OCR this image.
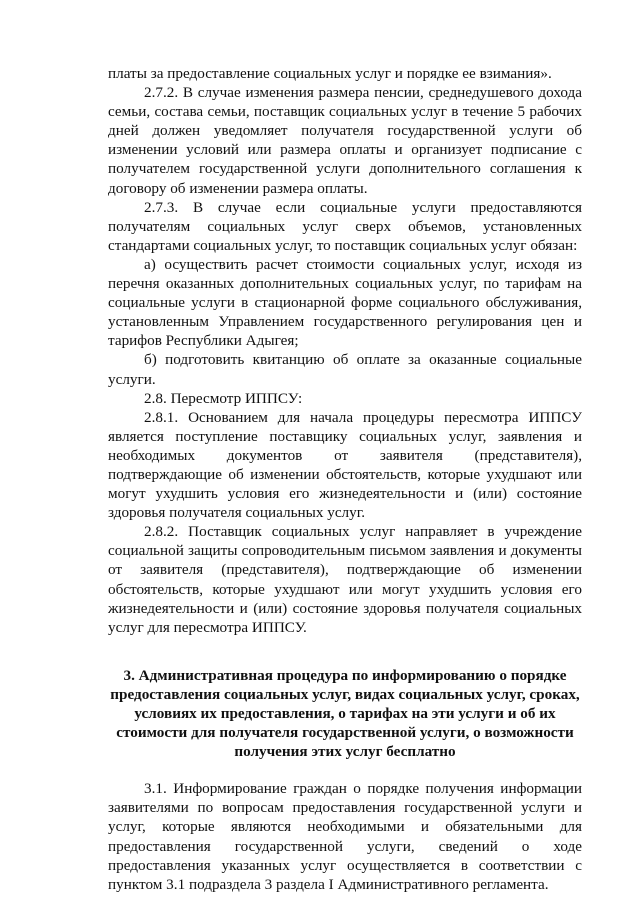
платы за предоставление социальных услуг и порядке ее взимания».

2.7.2. В случае изменения размера пенсии, среднедушевого дохода семьи, состава семьи, поставщик социальных услуг в течение 5 рабочих дней должен уведомляет получателя государственной услуги об изменении условий или размера оплаты и организует подписание с получателем государственной услуги дополнительного соглашения к договору об изменении размера оплаты.

2.7.3. В случае если социальные услуги предоставляются получателям социальных услуг сверх объемов, установленных стандартами социальных услуг, то поставщик социальных услуг обязан:

а) осуществить расчет стоимости социальных услуг, исходя из перечня оказанных дополнительных социальных услуг, по тарифам на социальные услуги в стационарной форме социального обслуживания, установленным Управлением государственного регулирования цен и тарифов Республики Адыгея;

б) подготовить квитанцию об оплате за оказанные социальные услуги.

2.8. Пересмотр ИППСУ:

2.8.1. Основанием для начала процедуры пересмотра ИППСУ является поступление поставщику социальных услуг, заявления и необходимых документов от заявителя (представителя), подтверждающие об изменении обстоятельств, которые ухудшают или могут ухудшить условия его жизнедеятельности и (или) состояние здоровья получателя социальных услуг.

2.8.2. Поставщик социальных услуг направляет в учреждение социальной защиты сопроводительным письмом заявления и документы от заявителя (представителя), подтверждающие об изменении обстоятельств, которые ухудшают или могут ухудшить условия его жизнедеятельности и (или) состояние здоровья получателя социальных услуг для пересмотра ИППСУ.

3. Административная процедура по информированию о порядке предоставления социальных услуг, видах социальных услуг, сроках, условиях их предоставления, о тарифах на эти услуги и об их стоимости для получателя государственной услуги, о возможности получения этих услуг бесплатно

3.1. Информирование граждан о порядке получения информации заявителями по вопросам предоставления государственной услуги и услуг, которые являются необходимыми и обязательными для предоставления государственной услуги, сведений о ходе предоставления указанных услуг осуществляется в соответствии с пунктом 3.1 подраздела 3 раздела I Административного регламента.
